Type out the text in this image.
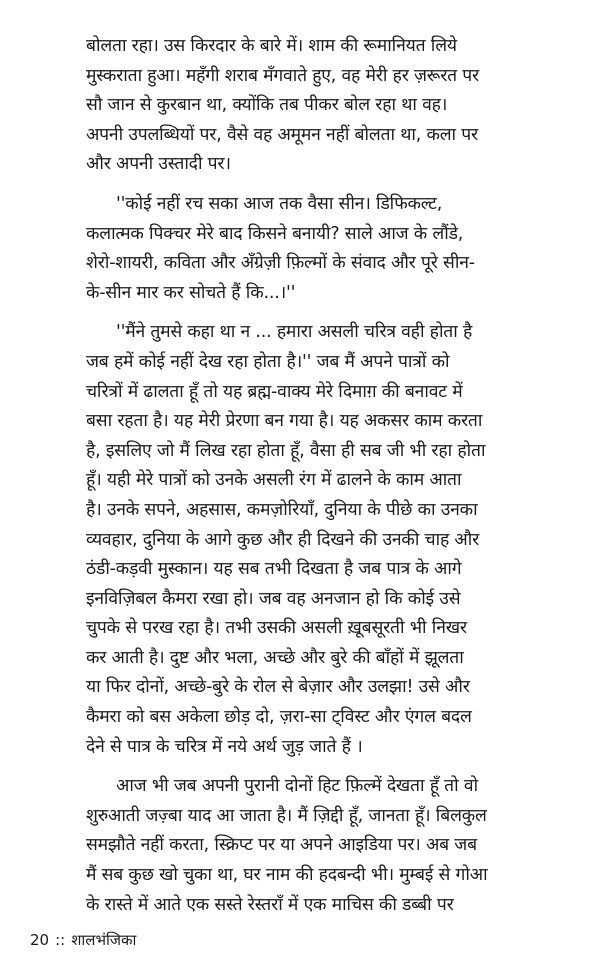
बोलता रहा। उस किरदार के बारे में। शाम की रूमानियत लिये
मुस्कराता हुआ। महँगी शराब मँगवाते हुए, वह मेरी हर ज़रूरत पर
सौ जान से कुरबान था, क्योंकि तब पीकर बोल रहा था वह।
अपनी उपलब्धियों पर, वैसे वह अमूमन नहीं बोलता था, कला पर
और अपनी उस्तादी पर।
''कोई नहीं रच सका आज तक वैसा सीन। डिफिकल्ट,
कलात्मक पिक्चर मेरे बाद किसने बनायी? साले आज के लौंडे,
शेरो-शायरी, कविता और अँग्रेज़ी फ़िल्मों के संवाद और पूरे सीन-
के-सीन मार कर सोचते हैं कि...।''
''मैंने तुमसे कहा था न ... हमारा असली चरित्र वही होता है
जब हमें कोई नहीं देख रहा होता है।'' जब मैं अपने पात्रों को
चरित्रों में ढालता हूँ तो यह ब्रह्म-वाक्य मेरे दिमाग़ की बनावट में
बसा रहता है। यह मेरी प्रेरणा बन गया है। यह अकसर काम करता
है, इसलिए जो मैं लिख रहा होता हूँ, वैसा ही सब जी भी रहा होता
हूँ। यही मेरे पात्रों को उनके असली रंग में ढालने के काम आता
है। उनके सपने, अहसास, कमज़ोरियाँ, दुनिया के पीछे का उनका
व्यवहार, दुनिया के आगे कुछ और ही दिखने की उनकी चाह और
ठंडी-कड़वी मुस्कान। यह सब तभी दिखता है जब पात्र के आगे
इनविज़िबल कैमरा रखा हो। जब वह अनजान हो कि कोई उसे
चुपके से परख रहा है। तभी उसकी असली ख़ूबसूरती भी निखर
कर आती है। दुष्ट और भला, अच्छे और बुरे की बाँहों में झूलता
या फिर दोनों, अच्छे-बुरे के रोल से बेज़ार और उलझा! उसे और
कैमरा को बस अकेला छोड़ दो, ज़रा-सा ट्विस्ट और एंगल बदल
देने से पात्र के चरित्र में नये अर्थ जुड़ जाते हैं ।
आज भी जब अपनी पुरानी दोनों हिट फ़िल्में देखता हूँ तो वो
शुरुआती जज़्बा याद आ जाता है। मैं ज़िद्दी हूँ, जानता हूँ। बिलकुल
समझौते नहीं करता, स्क्रिप्ट पर या अपने आइडिया पर। अब जब
मैं सब कुछ खो चुका था, घर नाम की हदबन्दी भी। मुम्बई से गोआ
के रास्ते में आते एक सस्ते रेस्तराँ में एक माचिस की डब्बी पर
20 :: शालभंजिका
